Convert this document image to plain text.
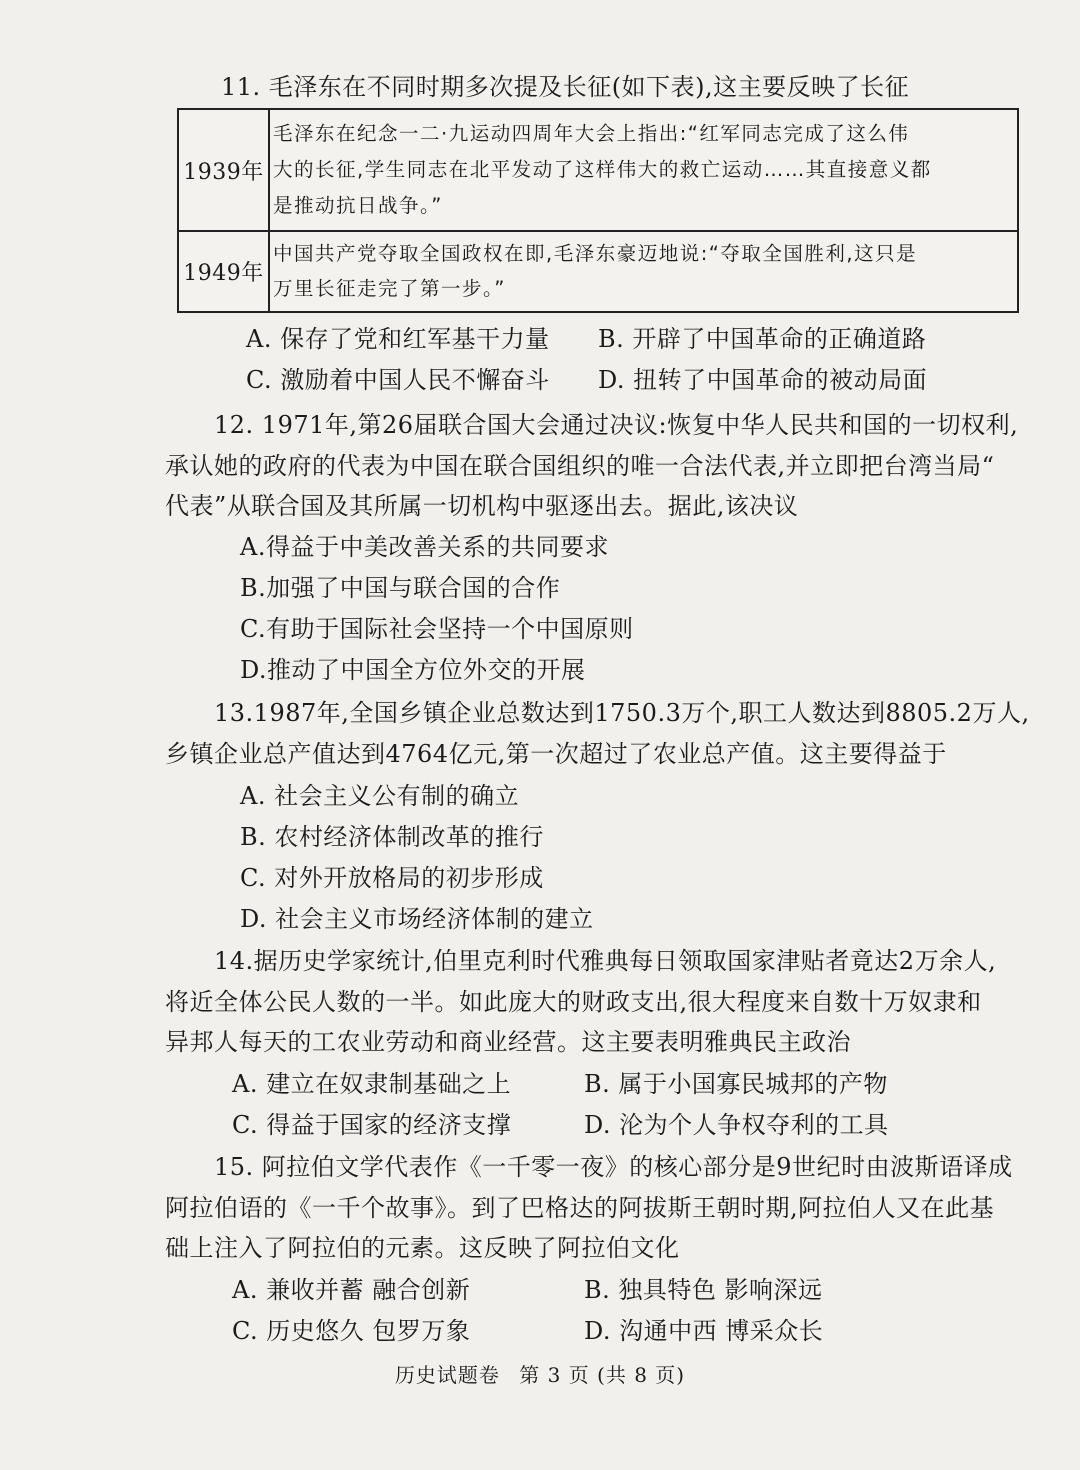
11. 毛泽东在不同时期多次提及长征(如下表),这主要反映了长征
1939年
毛泽东在纪念一二·九运动四周年大会上指出:“红军同志完成了这么伟
大的长征,学生同志在北平发动了这样伟大的救亡运动……其直接意义都
是推动抗日战争。”
1949年
中国共产党夺取全国政权在即,毛泽东豪迈地说:“夺取全国胜利,这只是
万里长征走完了第一步。”
A. 保存了党和红军基干力量 B. 开辟了中国革命的正确道路
C. 激励着中国人民不懈奋斗 D. 扭转了中国革命的被动局面
12. 1971年,第26届联合国大会通过决议:恢复中华人民共和国的一切权利,
承认她的政府的代表为中国在联合国组织的唯一合法代表,并立即把台湾当局“
代表”从联合国及其所属一切机构中驱逐出去。据此,该决议
A.得益于中美改善关系的共同要求
B.加强了中国与联合国的合作
C.有助于国际社会坚持一个中国原则
D.推动了中国全方位外交的开展
13.1987年,全国乡镇企业总数达到1750.3万个,职工人数达到8805.2万人,
乡镇企业总产值达到4764亿元,第一次超过了农业总产值。这主要得益于
A. 社会主义公有制的确立
B. 农村经济体制改革的推行
C. 对外开放格局的初步形成
D. 社会主义市场经济体制的建立
14.据历史学家统计,伯里克利时代雅典每日领取国家津贴者竟达2万余人,
将近全体公民人数的一半。如此庞大的财政支出,很大程度来自数十万奴隶和
异邦人每天的工农业劳动和商业经营。这主要表明雅典民主政治
A. 建立在奴隶制基础之上	B. 属于小国寡民城邦的产物
C. 得益于国家的经济支撑	D. 沦为个人争权夺利的工具
15. 阿拉伯文学代表作《一千零一夜》的核心部分是9世纪时由波斯语译成
阿拉伯语的《一千个故事》。到了巴格达的阿拔斯王朝时期,阿拉伯人又在此基
础上注入了阿拉伯的元素。这反映了阿拉伯文化
A. 兼收并蓄 融合创新	B. 独具特色 影响深远
C. 历史悠久 包罗万象	D. 沟通中西 博采众长
历史试题卷 第 3 页 (共 8 页)
